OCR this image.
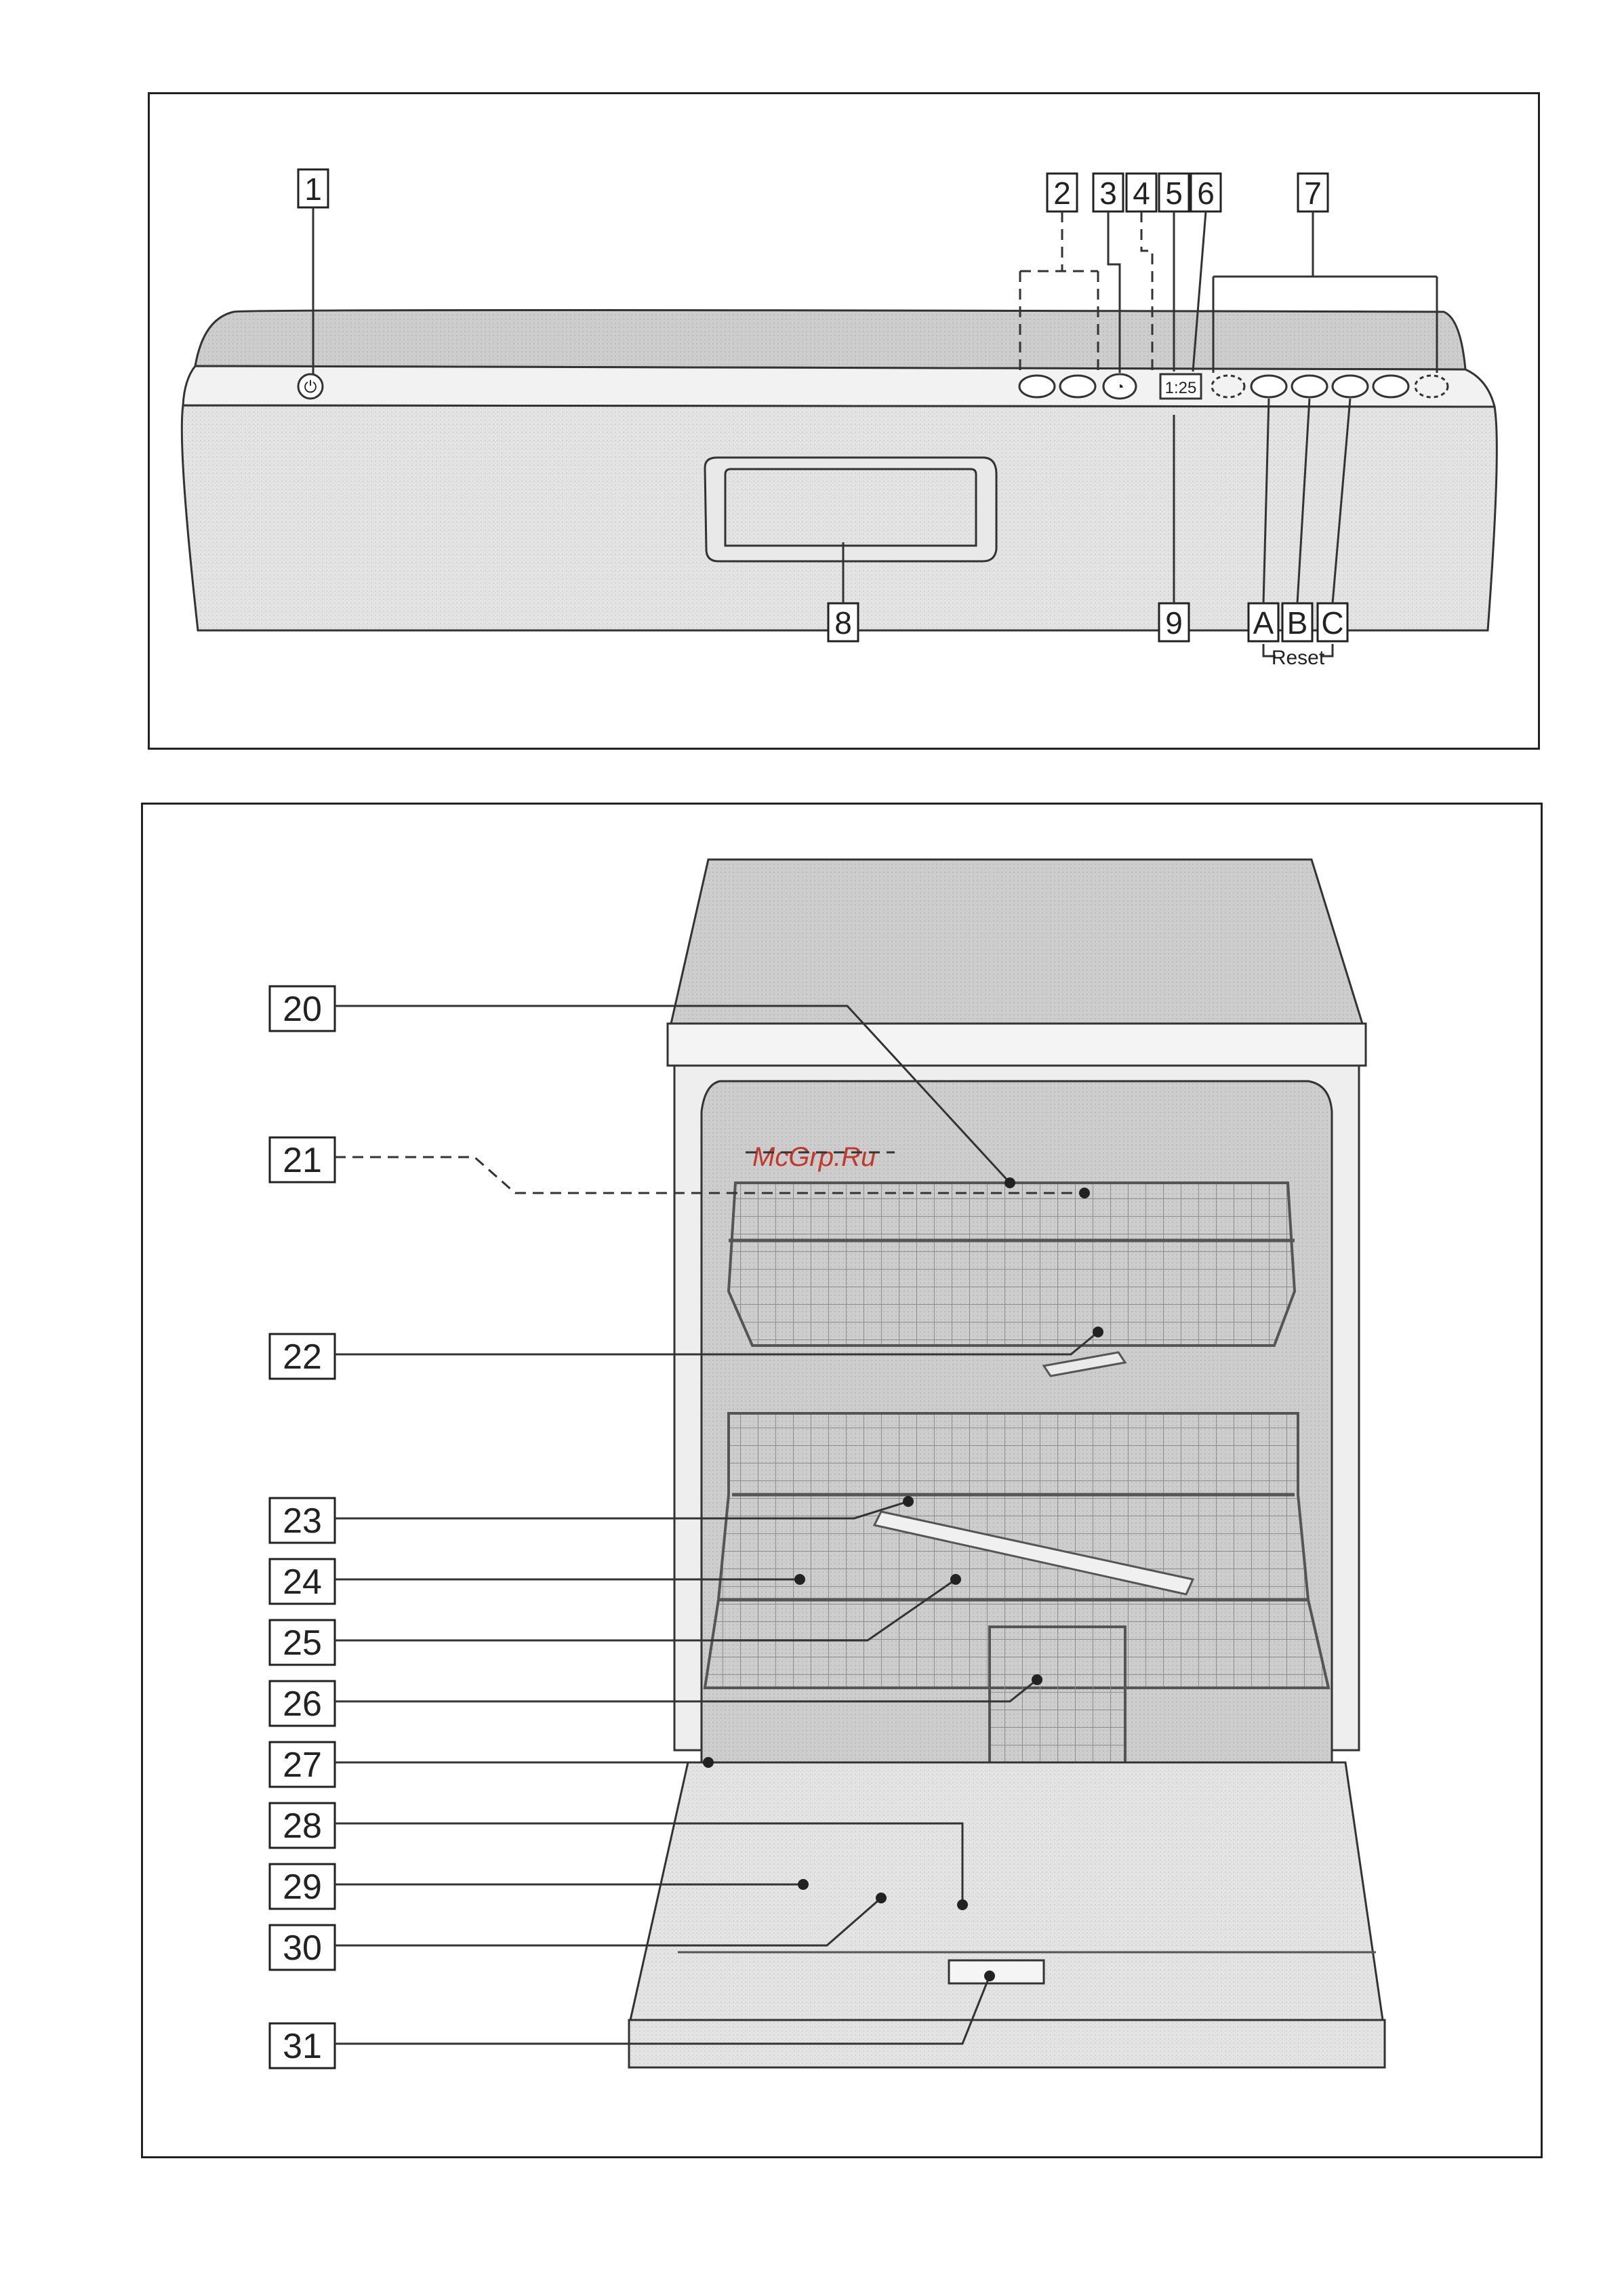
⏻	◔ 1:25
1	2 3 4 5 6	7
8	9 A B C
Reset
McGrp.Ru
20
21
22
23
24
25
26
27
28
29
30
31
